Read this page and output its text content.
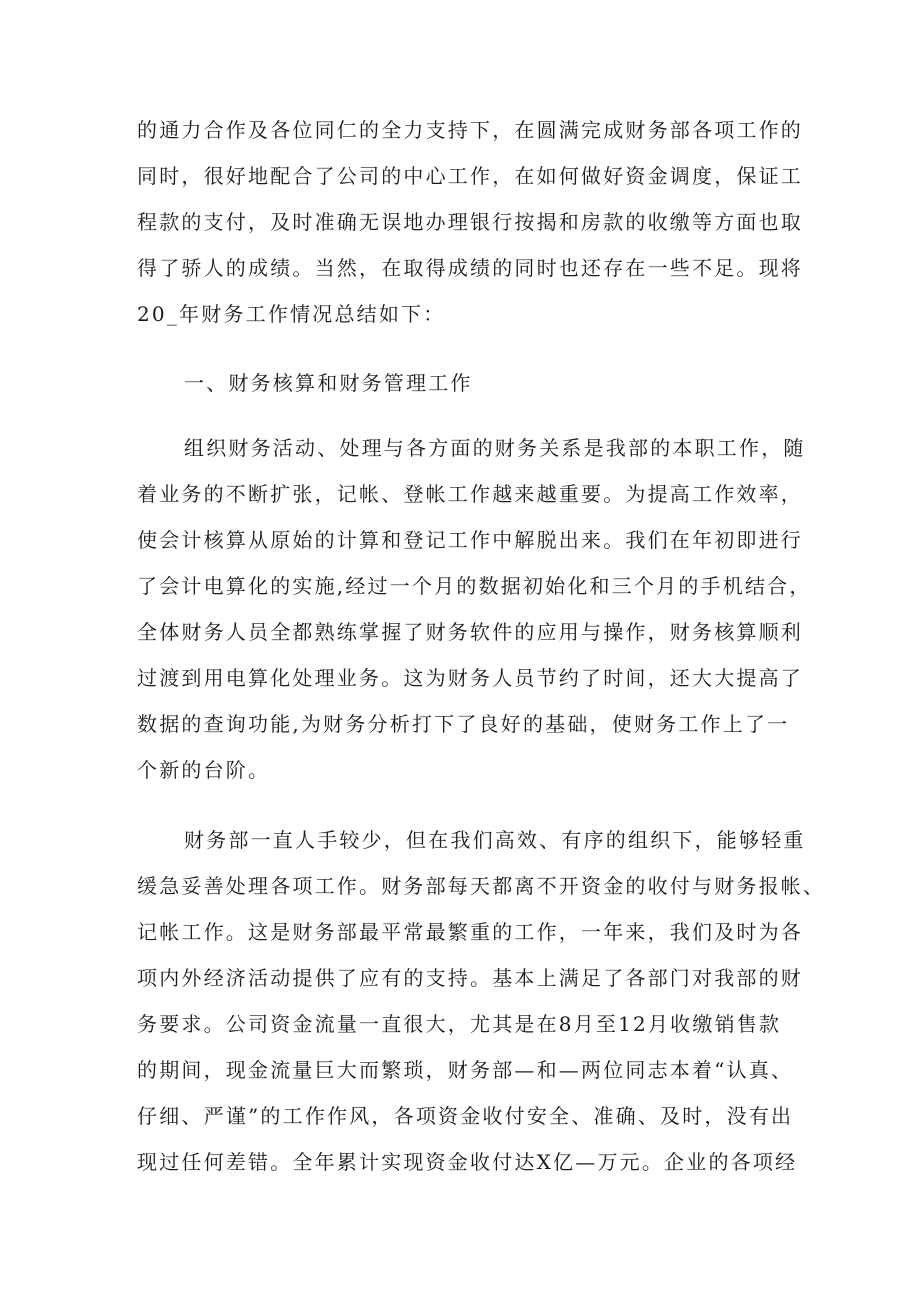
的通力合作及各位同仁的全力支持下，在圆满完成财务部各项工作的
同时，很好地配合了公司的中心工作，在如何做好资金调度，保证工
程款的支付，及时准确无误地办理银行按揭和房款的收缴等方面也取
得了骄人的成绩。当然，在取得成绩的同时也还存在一些不足。现将
20_年财务工作情况总结如下：
一、财务核算和财务管理工作
组织财务活动、处理与各方面的财务关系是我部的本职工作，随
着业务的不断扩张，记帐、登帐工作越来越重要。为提高工作效率，
使会计核算从原始的计算和登记工作中解脱出来。我们在年初即进行
了会计电算化的实施,经过一个月的数据初始化和三个月的手机结合，
全体财务人员全都熟练掌握了财务软件的应用与操作，财务核算顺利
过渡到用电算化处理业务。这为财务人员节约了时间，还大大提高了
数据的查询功能,为财务分析打下了良好的基础，使财务工作上了一
个新的台阶。
财务部一直人手较少，但在我们高效、有序的组织下，能够轻重
缓急妥善处理各项工作。财务部每天都离不开资金的收付与财务报帐、
记帐工作。这是财务部最平常最繁重的工作，一年来，我们及时为各
项内外经济活动提供了应有的支持。基本上满足了各部门对我部的财
务要求。公司资金流量一直很大，尤其是在8月至12月收缴销售款
的期间，现金流量巨大而繁琐，财务部—和—两位同志本着“认真、
仔细、严谨”的工作作风，各项资金收付安全、准确、及时，没有出
现过任何差错。全年累计实现资金收付达X亿—万元。企业的各项经
